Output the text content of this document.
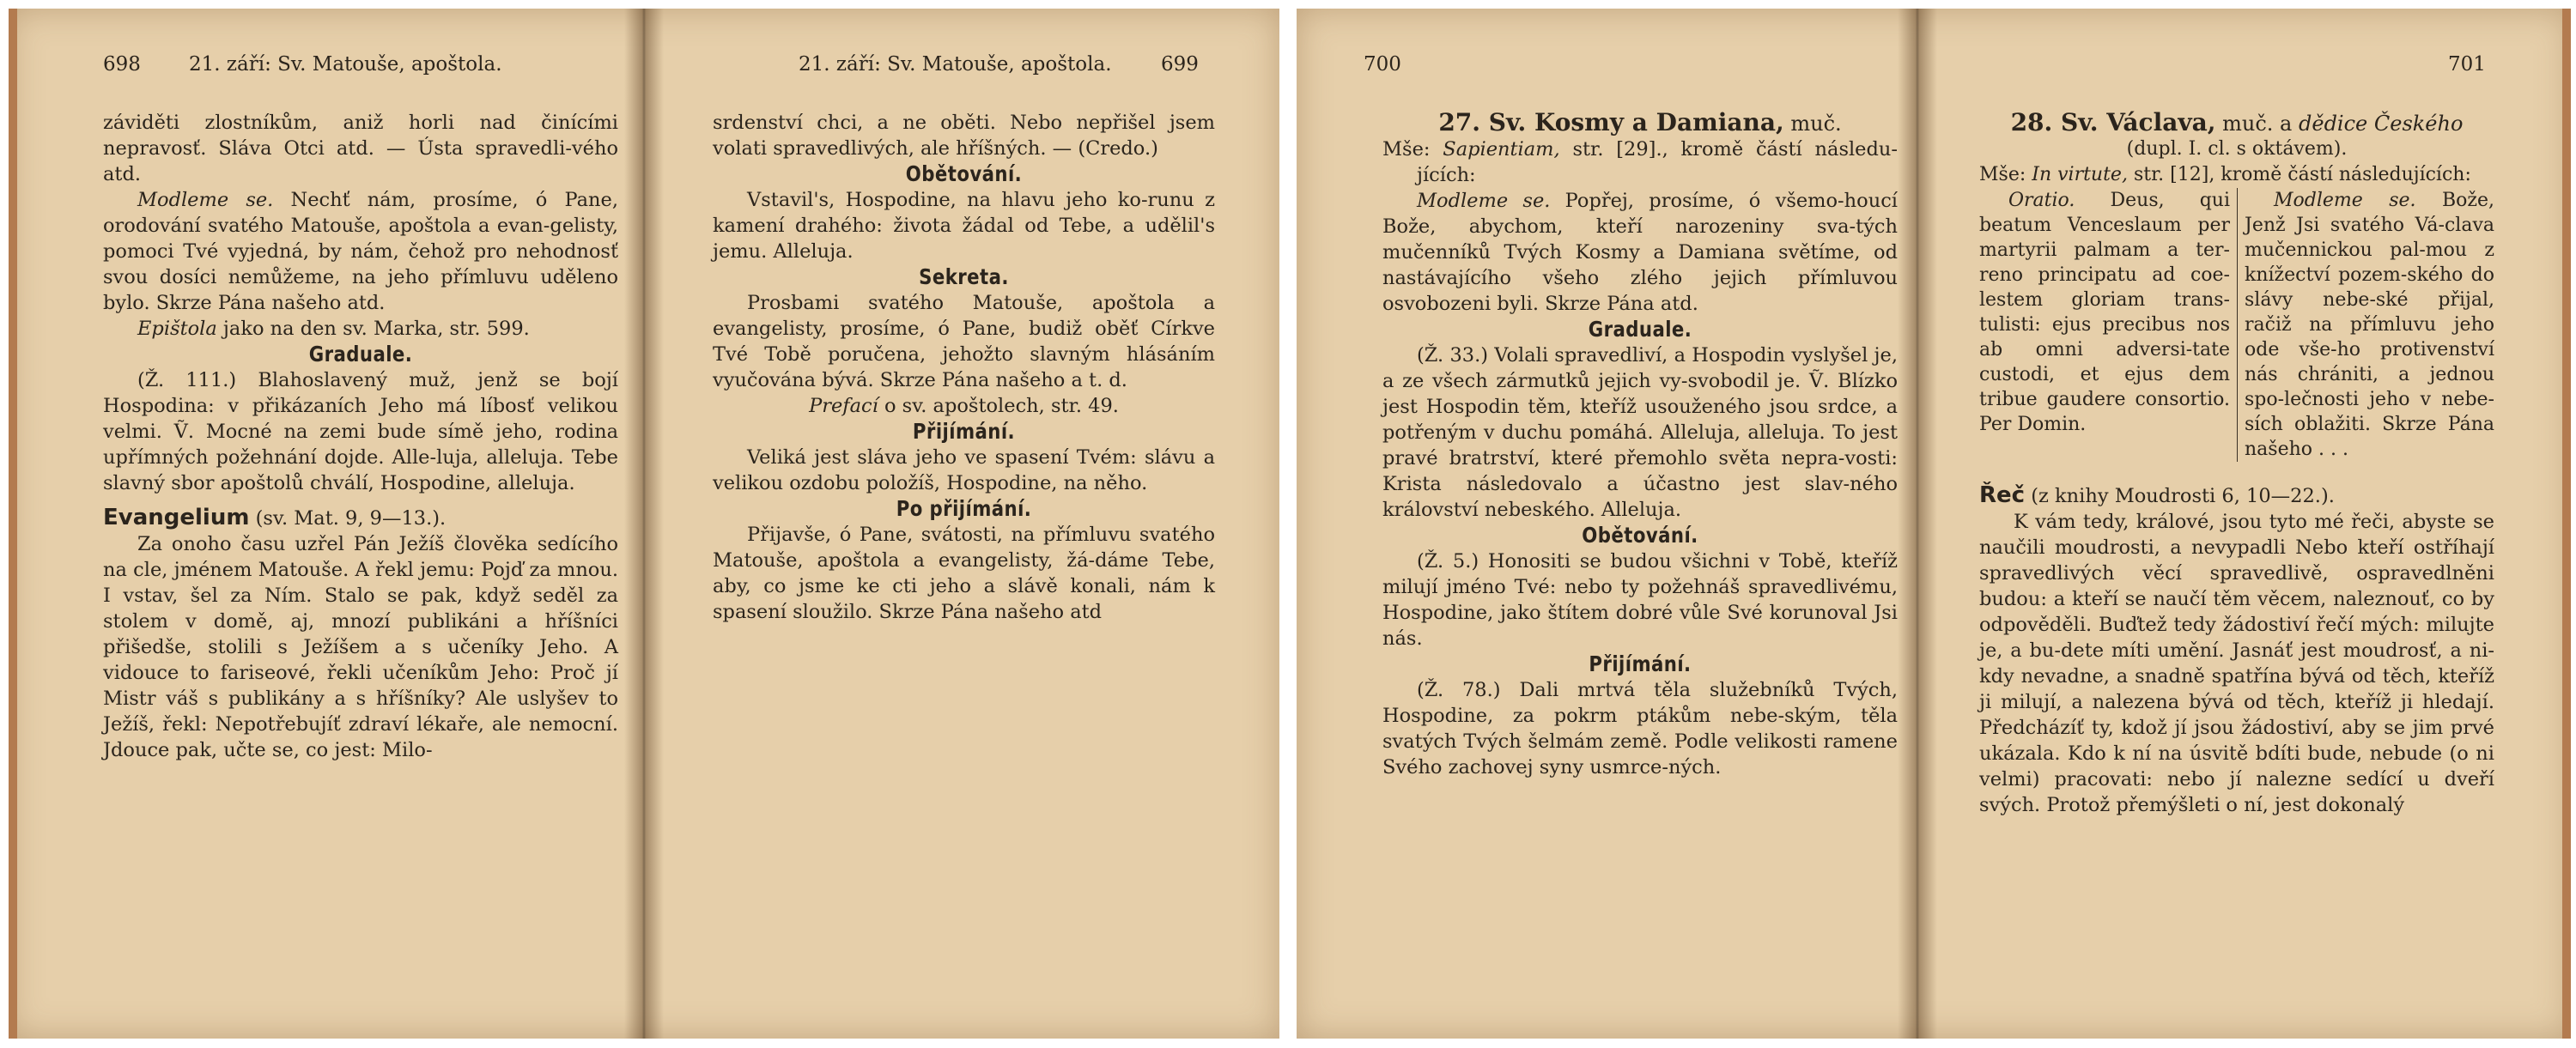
698 21. září: Sv. Matouše, apoštola.

záviděti zlostníkům, aniž horli nad činícími nepravosť. Sláva Otci atd. — Ústa spravedli-vého atd.

Modleme se. Nechť nám, prosíme, ó Pane, orodování svatého Matouše, apoštola a evan-gelisty, pomoci Tvé vyjedná, by nám, čehož pro nehodnosť svou dosíci nemůžeme, na jeho přímluvu uděleno bylo. Skrze Pána našeho atd.

Epištola jako na den sv. Marka, str. 599.

Graduale.

(Ž. 111.) Blahoslavený muž, jenž se bojí Hospodina: v přikázaních Jeho má líbosť velikou velmi. Ṽ. Mocné na zemi bude símě jeho, rodina upřímných požehnání dojde. Alle-luja, alleluja. Tebe slavný sbor apoštolů chválí, Hospodine, alleluja.

Evangelium (sv. Mat. 9, 9—13.).

Za onoho času uzřel Pán Ježíš člověka sedícího na cle, jménem Matouše. A řekl jemu: Pojď za mnou. I vstav, šel za Ním. Stalo se pak, když seděl za stolem v domě, aj, mnozí publikáni a hříšníci přišedše, stolili s Ježíšem a s učeníky Jeho. A vidouce to fariseové, řekli učeníkům Jeho: Proč jí Mistr váš s publikány a s hříšníky? Ale uslyšev to Ježíš, řekl: Nepotřebujíť zdraví lékaře, ale nemocní. Jdouce pak, učte se, co jest: Milo-

21. září: Sv. Matouše, apoštola. 699

srdenství chci, a ne oběti. Nebo nepřišel jsem volati spravedlivých, ale hříšných. — (Credo.)

Obětování.

Vstavil's, Hospodine, na hlavu jeho ko-runu z kamení drahého: života žádal od Tebe, a udělil's jemu. Alleluja.

Sekreta.

Prosbami svatého Matouše, apoštola a evangelisty, prosíme, ó Pane, budiž oběť Církve Tvé Tobě poručena, jehožto slavným hlásáním vyučována bývá. Skrze Pána našeho a t. d.

Prefací o sv. apoštolech, str. 49.

Přijímání.

Veliká jest sláva jeho ve spasení Tvém: slávu a velikou ozdobu položíš, Hospodine, na něho.

Po přijímání.

Přijavše, ó Pane, svátosti, na přímluvu svatého Matouše, apoštola a evangelisty, žá-dáme Tebe, aby, co jsme ke cti jeho a slávě konali, nám k spasení sloužilo. Skrze Pána našeho atd

700

27. Sv. Kosmy a Damiana, muč.

Mše: Sapientiam, str. [29]., kromě částí následu-jících:

Modleme se. Popřej, prosíme, ó všemo-houcí Bože, abychom, kteří narozeniny sva-tých mučenníků Tvých Kosmy a Damiana světíme, od nastávajícího všeho zlého jejich přímluvou osvobozeni byli. Skrze Pána atd.

Graduale.

(Ž. 33.) Volali spravedliví, a Hospodin vyslyšel je, a ze všech zármutků jejich vy-svobodil je. Ṽ. Blízko jest Hospodin těm, kteříž usouženého jsou srdce, a potřeným v duchu pomáhá. Alleluja, alleluja. To jest pravé bratrství, které přemohlo světa nepra-vosti: Krista následovalo a účastno jest slav-ného království nebeského. Alleluja.

Obětování.

(Ž. 5.) Honositi se budou všichni v Tobě, kteříž milují jméno Tvé: nebo ty požehnáš spravedlivému, Hospodine, jako štítem dobré vůle Své korunoval Jsi nás.

Přijímání.

(Ž. 78.) Dali mrtvá těla služebníků Tvých, Hospodine, za pokrm ptákům nebe-ským, těla svatých Tvých šelmám země. Podle velikosti ramene Svého zachovej syny usmrce-ných.

701

28. Sv. Václava, muč. a dědice Českého

(dupl. I. cl. s oktávem).

Mše: In virtute, str. [12], kromě částí následujících:

Oratio. Deus, qui beatum Venceslaum per martyrii palmam a ter-reno principatu ad coe-lestem gloriam trans-tulisti: ejus precibus nos ab omni adversi-tate custodi, et ejus dem tribue gaudere consortio. Per Domin.
Modleme se. Bože, Jenž Jsi svatého Vá-clava mučennickou pal-mou z knížectví pozem-ského do slávy nebe-ské přijal, račiž na přímluvu jeho ode vše-ho protivenství nás chrániti, a jednou spo-lečnosti jeho v nebe-sích oblažiti. Skrze Pána našeho . . .

Řeč (z knihy Moudrosti 6, 10—22.).

K vám tedy, králové, jsou tyto mé řeči, abyste se naučili moudrosti, a nevypadli Nebo kteří ostříhají spravedlivých věcí spravedlivě, ospravedlněni budou: a kteří se naučí těm věcem, naleznouť, co by odpověděli. Buďtež tedy žádostiví řečí mých: milujte je, a bu-dete míti umění. Jasnáť jest moudrosť, a ni-kdy nevadne, a snadně spatřína bývá od těch, kteříž ji milují, a nalezena bývá od těch, kteříž ji hledají. Předcházíť ty, kdož jí jsou žádostiví, aby se jim prvé ukázala. Kdo k ní na úsvitě bdíti bude, nebude (o ni velmi) pracovati: nebo jí nalezne sedící u dveří svých. Protož přemýšleti o ní, jest dokonalý
